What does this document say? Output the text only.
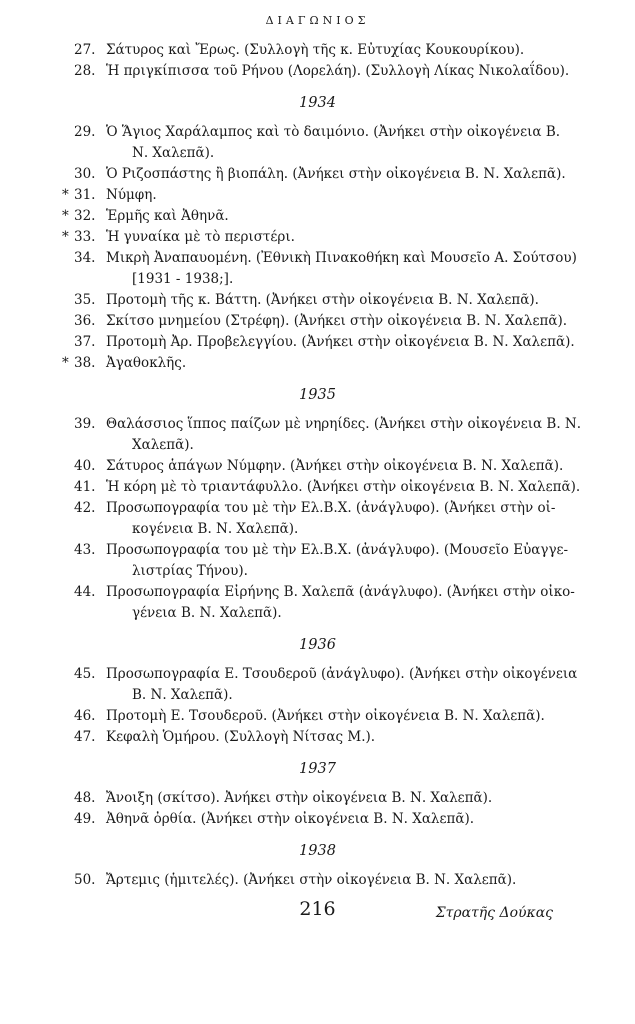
ΔΙΑΓΩΝΙΟΣ
27. Σάτυρος καὶ Ἔρως. (Συλλογὴ τῆς κ. Εὐτυχίας Κουκουρίκου).
28. Ἡ πριγκίπισσα τοῦ Ρήνου (Λορελάη). (Συλλογὴ Λίκας Νικολαΐδου).
1934
29. Ὁ Ἅγιος Χαράλαμπος καὶ τὸ δαιμόνιο. (Ἀνήκει στὴν οἰκογένεια Β.
Ν. Χαλεπᾶ).
30. Ὁ Ριζοσπάστης ἢ βιοπάλη. (Ἀνήκει στὴν οἰκογένεια Β. Ν. Χαλεπᾶ).
* 31. Νύμφη.
* 32. Ἑρμῆς καὶ Ἀθηνᾶ.
* 33. Ἡ γυναίκα μὲ τὸ περιστέρι.
34. Μικρὴ Ἀναπαυομένη. (Ἐθνικὴ Πινακοθήκη καὶ Μουσεῖο Α. Σούτσου)
[1931 - 1938;].
35. Προτομὴ τῆς κ. Βάττη. (Ἀνήκει στὴν οἰκογένεια Β. Ν. Χαλεπᾶ).
36. Σκίτσο μνημείου (Στρέφη). (Ἀνήκει στὴν οἰκογένεια Β. Ν. Χαλεπᾶ).
37. Προτομὴ Ἀρ. Προβελεγγίου. (Ἀνήκει στὴν οἰκογένεια Β. Ν. Χαλεπᾶ).
* 38. Ἀγαθοκλῆς.
1935
39. Θαλάσσιος ἵππος παίζων μὲ νηρηίδες. (Ἀνήκει στὴν οἰκογένεια Β. Ν.
Χαλεπᾶ).
40. Σάτυρος ἁπάγων Νύμφην. (Ἀνήκει στὴν οἰκογένεια Β. Ν. Χαλεπᾶ).
41. Ἡ κόρη μὲ τὸ τριαντάφυλλο. (Ἀνήκει στὴν οἰκογένεια Β. Ν. Χαλεπᾶ).
42. Προσωπογραφία του μὲ τὴν Ελ.Β.Χ. (ἀνάγλυφο). (Ἀνήκει στὴν οἰ-
κογένεια Β. Ν. Χαλεπᾶ).
43. Προσωπογραφία του μὲ τὴν Ελ.Β.Χ. (ἀνάγλυφο). (Μουσεῖο Εὐαγγε-
λιστρίας Τήνου).
44. Προσωπογραφία Εἰρήνης Β. Χαλεπᾶ (ἀνάγλυφο). (Ἀνήκει στὴν οἰκο-
γένεια Β. Ν. Χαλεπᾶ).
1936
45. Προσωπογραφία Ε. Τσουδεροῦ (ἀνάγλυφο). (Ἀνήκει στὴν οἰκογένεια
Β. Ν. Χαλεπᾶ).
46. Προτομὴ Ε. Τσουδεροῦ. (Ἀνήκει στὴν οἰκογένεια Β. Ν. Χαλεπᾶ).
47. Κεφαλὴ Ὁμήρου. (Συλλογὴ Νίτσας Μ.).
1937
48. Ἄνοιξη (σκίτσο). Ἀνήκει στὴν οἰκογένεια Β. Ν. Χαλεπᾶ).
49. Ἀθηνᾶ ὀρθία. (Ἀνήκει στὴν οἰκογένεια Β. Ν. Χαλεπᾶ).
1938
50. Ἄρτεμις (ἡμιτελές). (Ἀνήκει στὴν οἰκογένεια Β. Ν. Χαλεπᾶ).
Στρατῆς Δούκας
216
